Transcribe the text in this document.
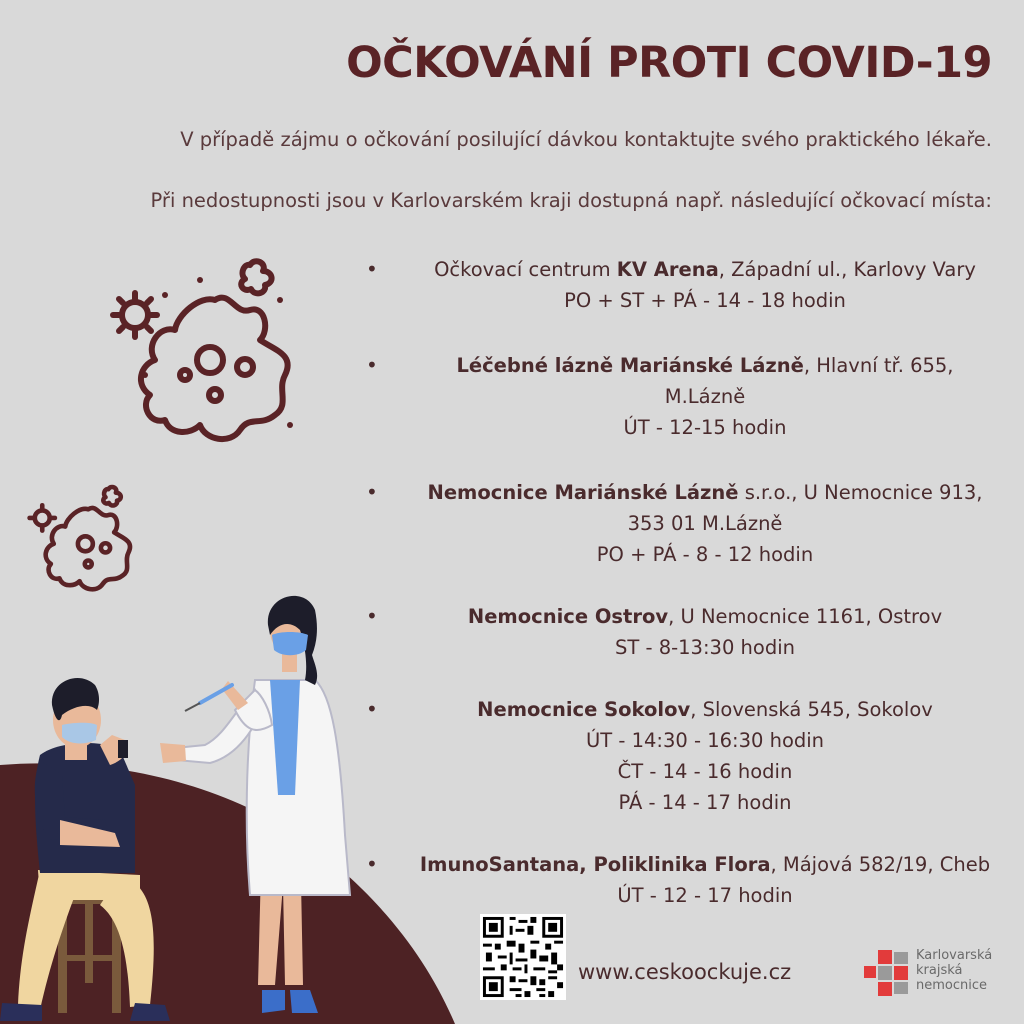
OČKOVÁNÍ PROTI COVID-19

V případě zájmu o očkování posilující dávkou kontaktujte svého praktického lékaře.

Při nedostupnosti jsou v Karlovarském kraji dostupná např. následující očkovací místa:

•	Očkovací centrum KV Arena, Západní ul., Karlovy Vary
PO + ST + PÁ - 14 - 18 hodin
•	Léčebné lázně Mariánské Lázně, Hlavní tř. 655,
M.Lázně
ÚT - 12-15 hodin
•	Nemocnice Mariánské Lázně s.r.o., U Nemocnice 913,
353 01 M.Lázně
PO + PÁ - 8 - 12 hodin
•	Nemocnice Ostrov, U Nemocnice 1161, Ostrov
ST - 8-13:30 hodin
•	Nemocnice Sokolov, Slovenská 545, Sokolov
ÚT - 14:30 - 16:30 hodin
ČT - 14 - 16 hodin
PÁ - 14 - 17 hodin
• ImunoSantana, Poliklinika Flora, Májová 582/19, Cheb
ÚT - 12 - 17 hodin
www.ceskoockuje.cz
Karlovarská
krajská
nemocnice
